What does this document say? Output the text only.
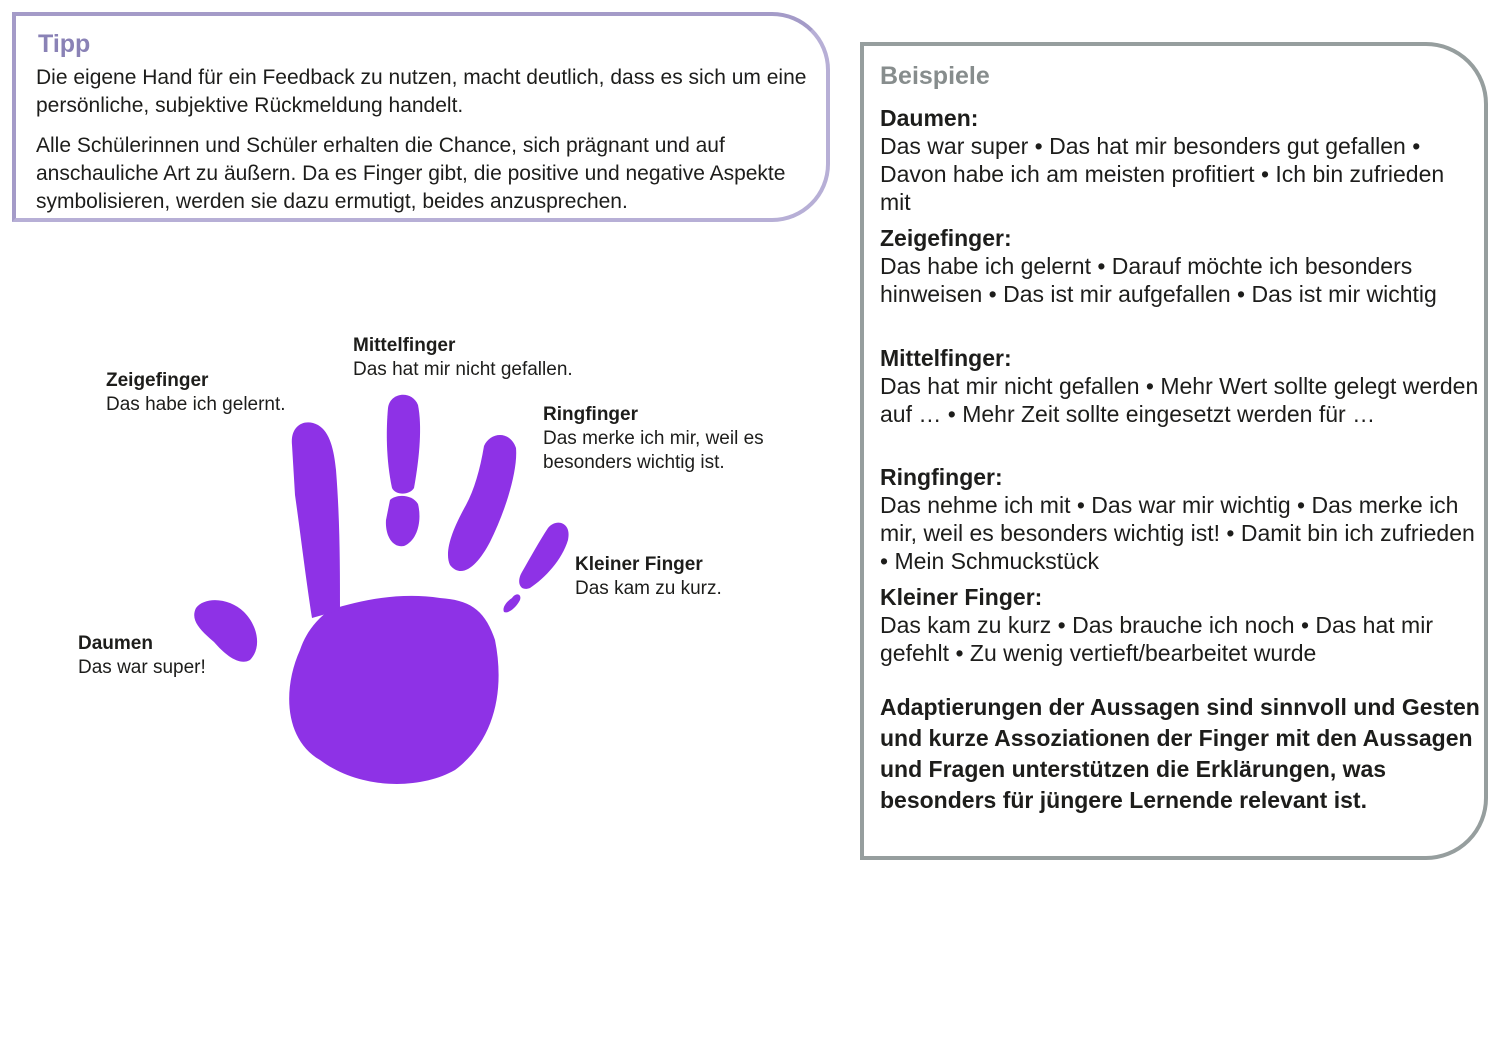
Tipp

Die eigene Hand für ein Feedback zu nutzen, macht deutlich, dass es sich um eine persönliche, subjektive Rückmeldung handelt.

Alle Schülerinnen und Schüler erhalten die Chance, sich prägnant und auf anschauliche Art zu äußern. Da es Finger gibt, die positive und negative Aspekte symbolisieren, werden sie dazu ermutigt, beides anzusprechen.

Daumen
Das war super!
Zeigefinger
Das habe ich gelernt.
Mittelfinger
Das hat mir nicht gefallen.
Ringfinger
Das merke ich mir, weil es besonders wichtig ist.
Kleiner Finger
Das kam zu kurz.
Beispiele
Daumen:
Das war super • Das hat mir besonders gut gefallen • Davon habe ich am meisten profitiert • Ich bin zufrieden mit
Zeigefinger:
Das habe ich gelernt • Darauf möchte ich besonders hinweisen • Das ist mir aufgefallen • Das ist mir wichtig
Mittelfinger:
Das hat mir nicht gefallen • Mehr Wert sollte gelegt werden auf … • Mehr Zeit sollte eingesetzt werden für …
Ringfinger:
Das nehme ich mit • Das war mir wichtig • Das merke ich mir, weil es besonders wichtig ist! • Damit bin ich zufrieden • Mein Schmuckstück
Kleiner Finger:
Das kam zu kurz • Das brauche ich noch • Das hat mir gefehlt • Zu wenig vertieft/bearbeitet wurde

Adaptierungen der Aussagen sind sinnvoll und Gesten und kurze Assoziationen der Finger mit den Aussagen und Fragen unterstützen die Erklärungen, was besonders für jüngere Lernende relevant ist.
